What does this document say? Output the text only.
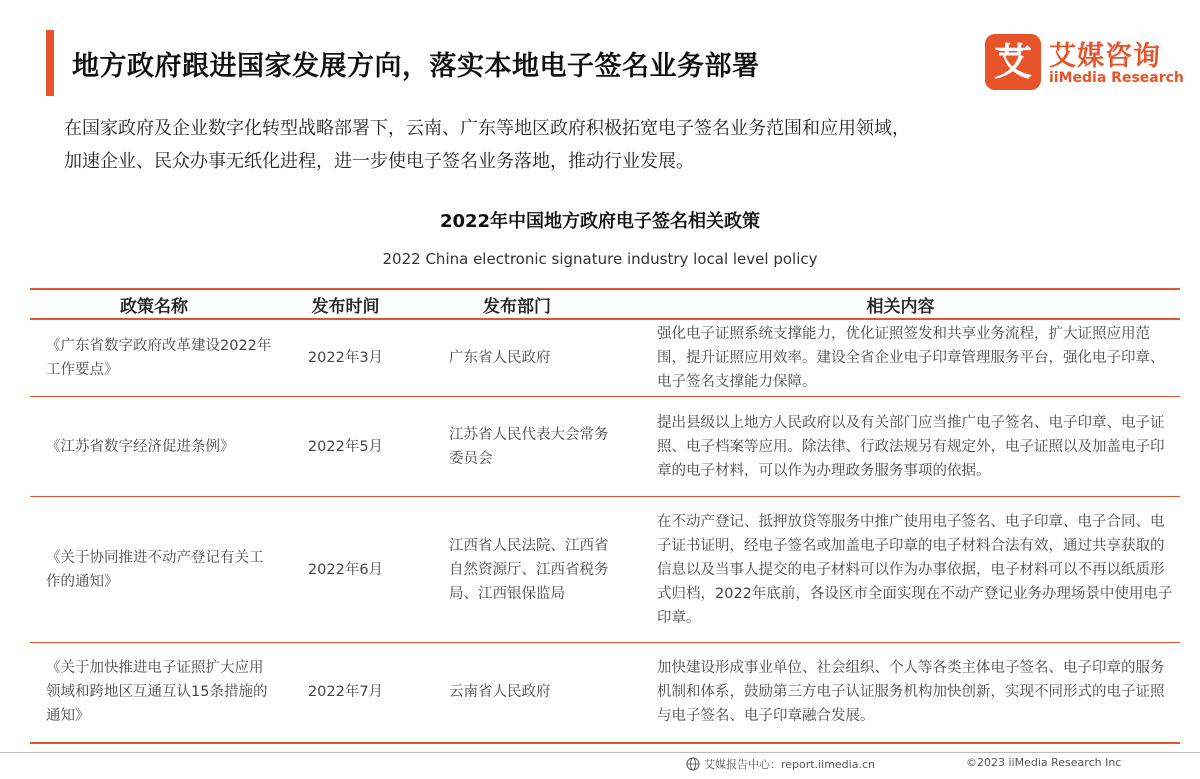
地方政府跟进国家发展方向，落实本地电子签名业务部署	艾 艾媒咨询
iiMedia Research
在国家政府及企业数字化转型战略部署下，云南、广东等地区政府积极拓宽电子签名业务范围和应用领域，
加速企业、民众办事无纸化进程，进一步使电子签名业务落地，推动行业发展。
2022年中国地方政府电子签名相关政策
2022 China electronic signature industry local level policy
政策名称	发布时间	发布部门	相关内容
《广东省数字政府改革建设2022年工作要点》	2022年3月	广东省人民政府	强化电子证照系统支撑能力，优化证照签发和共享业务流程，扩大证照应用范围，提升证照应用效率。建设全省企业电子印章管理服务平台，强化电子印章、电子签名支撑能力保障。
《江苏省数字经济促进条例》	2022年5月	江苏省人民代表大会常务委员会	提出县级以上地方人民政府以及有关部门应当推广电子签名、电子印章、电子证照、电子档案等应用。除法律、行政法规另有规定外，电子证照以及加盖电子印章的电子材料，可以作为办理政务服务事项的依据。
《关于协同推进不动产登记有关工作的通知》	2022年6月	江西省人民法院、江西省自然资源厅、江西省税务局、江西银保监局	在不动产登记、抵押放贷等服务中推广使用电子签名、电子印章、电子合同、电子证书证明，经电子签名或加盖电子印章的电子材料合法有效，通过共享获取的信息以及当事人提交的电子材料可以作为办事依据，电子材料可以不再以纸质形式归档，2022年底前，各设区市全面实现在不动产登记业务办理场景中使用电子印章。
《关于加快推进电子证照扩大应用领域和跨地区互通互认15条措施的通知》	2022年7月	云南省人民政府	加快建设形成事业单位、社会组织、个人等各类主体电子签名、电子印章的服务机制和体系，鼓励第三方电子认证服务机构加快创新，实现不同形式的电子证照与电子签名、电子印章融合发展。
艾媒报告中心：report.iimedia.cn	©2023 iiMedia Research Inc
